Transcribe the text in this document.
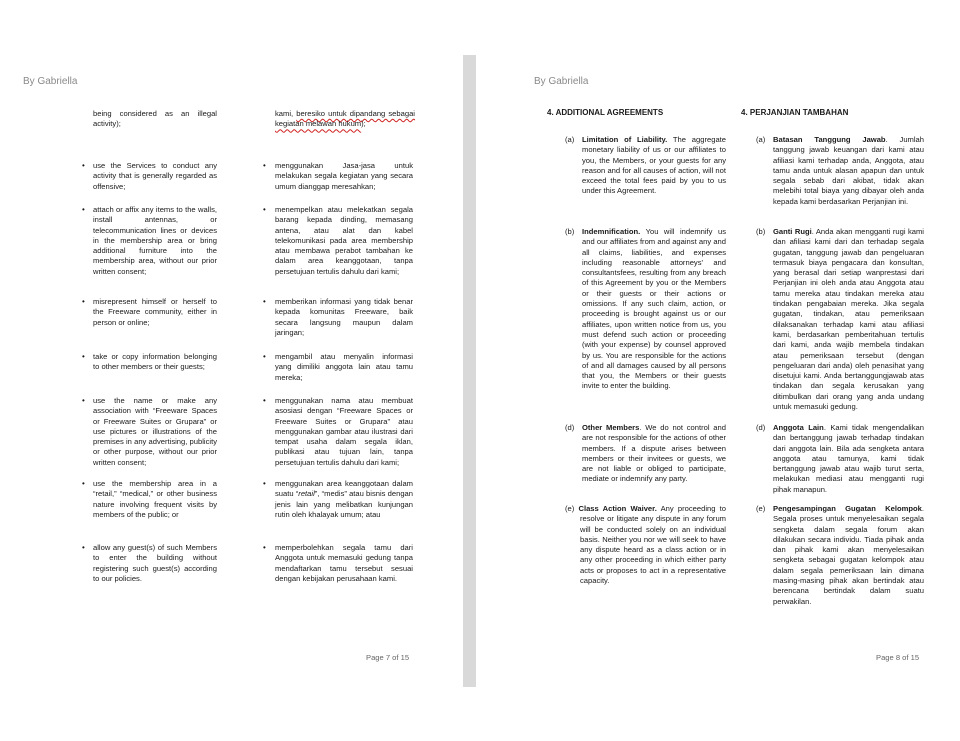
By Gabriella
being considered as an illegal activity);
• use the Services to conduct any activity that is generally regarded as offensive;
• attach or affix any items to the walls, install antennas, or telecommunication lines or devices in the membership area or bring additional furniture into the membership area, without our prior written consent;
• misrepresent himself or herself to the Freeware community, either in person or online;
• take or copy information belonging to other members or their guests;
• use the name or make any association with “Freeware Spaces or Freeware Suites or Grupara” or use pictures or illustrations of the premises in any advertising, publicity or other purpose, without our prior written consent;
• use the membership area in a “retail,” “medical,” or other business nature involving frequent visits by members of the public; or
• allow any guest(s) of such Members to enter the building without registering such guest(s) according to our policies.
kami, beresiko untuk dipandang sebagai kegiatan melawan hukum);
• menggunakan Jasa-jasa untuk melakukan segala kegiatan yang secara umum dianggap meresahkan;
• menempelkan atau melekatkan segala barang kepada dinding, memasang antena, atau alat dan kabel telekomunikasi pada area membership atau membawa perabot tambahan ke dalam area keanggotaan, tanpa persetujuan tertulis dahulu dari kami;
• memberikan informasi yang tidak benar kepada komunitas Freeware, baik secara langsung maupun dalam jaringan;
• mengambil atau menyalin informasi yang dimiliki anggota lain atau tamu mereka;
• menggunakan nama atau membuat asosiasi dengan “Freeware Spaces or Freeware Suites or Grupara” atau menggunakan gambar atau ilustrasi dari tempat usaha dalam segala iklan, publikasi atau tujuan lain, tanpa persetujuan tertulis dahulu dari kami;
• menggunakan area keanggotaan dalam suatu “retail”, “medis” atau bisnis dengan jenis lain yang melibatkan kunjungan rutin oleh khalayak umum; atau
• memperbolehkan segala tamu dari Anggota untuk memasuki gedung tanpa mendaftarkan tamu tersebut sesuai dengan kebijakan perusahaan kami.
Page 7 of 15
By Gabriella
4. ADDITIONAL AGREEMENTS	4. PERJANJIAN TAMBAHAN
(a) Limitation of Liability. The aggregate monetary liability of us or our affiliates to you, the Members, or your guests for any reason and for all causes of action, will not exceed the total fees paid by you to us under this Agreement.
(b) Indemnification. You will indemnify us and our affiliates from and against any and all claims, liabilities, and expenses including reasonable attorneys' and consultantsfees, resulting from any breach of this Agreement by you or the Members or their guests or their actions or omissions. If any such claim, action, or proceeding is brought against us or our affiliates, upon written notice from us, you must defend such action or proceeding (with your expense) by counsel approved by us. You are responsible for the actions of and all damages caused by all persons that you, the Members or their guests invite to enter the building.
(d) Other Members. We do not control and are not responsible for the actions of other members. If a dispute arises between members or their invitees or guests, we are not liable or obliged to participate, mediate or indemnify any party.
(e) Class Action Waiver. Any proceeding to resolve or litigate any dispute in any forum will be conducted solely on an individual basis. Neither you nor we will seek to have any dispute heard as a class action or in any other proceeding in which either party acts or proposes to act in a representative capacity.
(a) Batasan Tanggung Jawab. Jumlah tanggung jawab keuangan dari kami atau afiliasi kami terhadap anda, Anggota, atau tamu anda untuk alasan apapun dan untuk segala sebab dari akibat, tidak akan melebihi total biaya yang dibayar oleh anda kepada kami berdasarkan Perjanjian ini.
(b) Ganti Rugi. Anda akan mengganti rugi kami dan afiliasi kami dari dan terhadap segala gugatan, tanggung jawab dan pengeluaran termasuk biaya pengacara dan konsultan, yang berasal dari setiap wanprestasi dari Perjanjian ini oleh anda atau Anggota atau tamu mereka atau tindakan mereka atau tindakan pengabaian mereka. Jika segala gugatan, tindakan, atau pemeriksaan dilaksanakan terhadap kami atau afiliasi kami, berdasarkan pemberitahuan tertulis dari kami, anda wajib membela tindakan atau pemeriksaan tersebut (dengan pengeluaran dari anda) oleh penasihat yang disetujui kami. Anda bertanggungjawab atas tindakan dan segala kerusakan yang ditimbulkan dari orang yang anda undang untuk memasuki gedung.
(d) Anggota Lain. Kami tidak mengendalikan dan bertanggung jawab terhadap tindakan dari anggota lain. Bila ada sengketa antara anggota atau tamunya, kami tidak bertanggung jawab atau wajib turut serta, melakukan mediasi atau mengganti rugi pihak manapun.
(e) Pengesampingan Gugatan Kelompok. Segala proses untuk menyelesaikan segala sengketa dalam segala forum akan dilakukan secara individu. Tiada pihak anda dan pihak kami akan menyelesaikan sengketa sebagai gugatan kelompok atau dalam segala pemeriksaan lain dimana masing-masing pihak akan bertindak atau berencana bertindak dalam suatu perwakilan.
Page 8 of 15
